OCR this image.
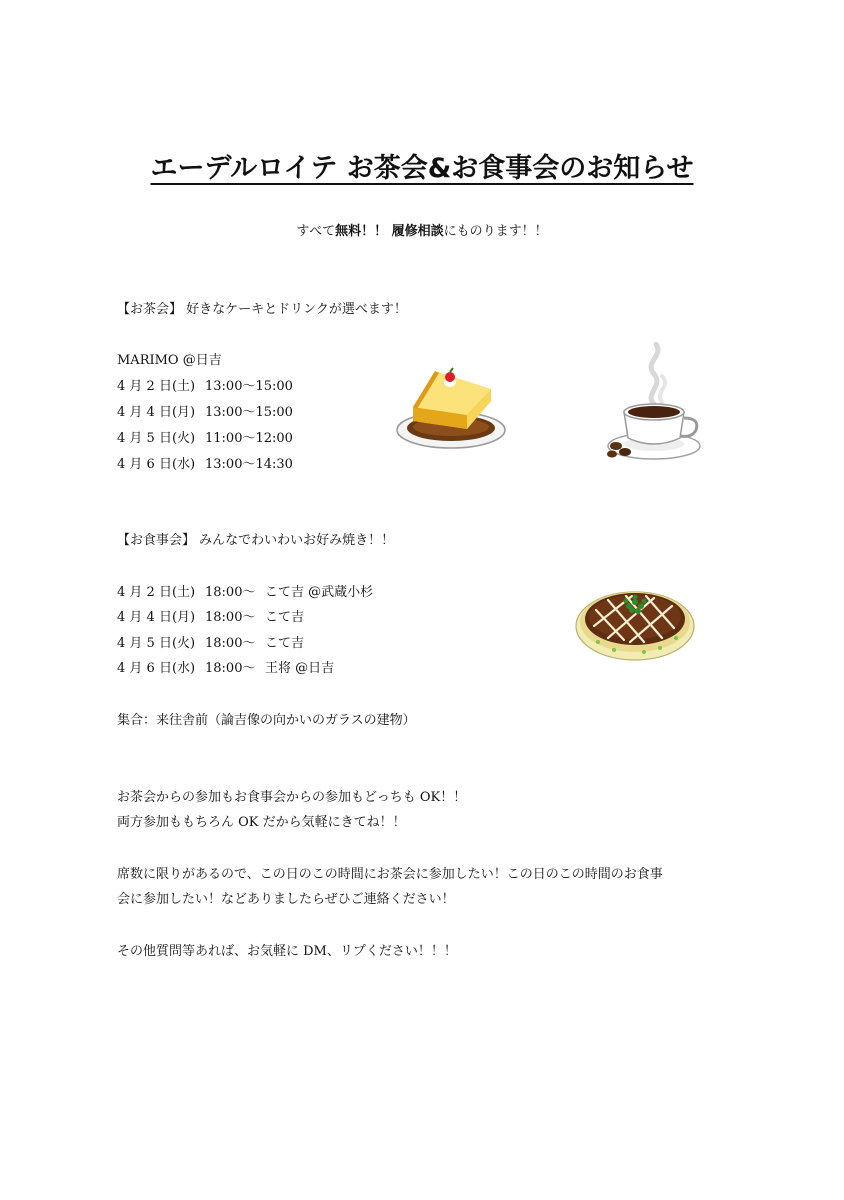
エーデルロイテ お茶会&お食事会のお知らせ
すべて無料！！ 履修相談にものります！！
【お茶会】 好きなケーキとドリンクが選べます！
MARIMO @日吉
4 月 2 日(土) 13:00～15:00
4 月 4 日(月) 13:00～15:00
4 月 5 日(火) 11:00～12:00
4 月 6 日(水) 13:00～14:30
【お食事会】 みんなでわいわいお好み焼き！！
4 月 2 日(土) 18:00～ こて吉 @武蔵小杉
4 月 4 日(月) 18:00～ こて吉
4 月 5 日(火) 18:00～ こて吉
4 月 6 日(水) 18:00～ 王将 @日吉
集合：来往舎前（論吉像の向かいのガラスの建物）
お茶会からの参加もお食事会からの参加もどっちも OK！！
両方参加ももちろん OK だから気軽にきてね！！
席数に限りがあるので、この日のこの時間にお茶会に参加したい！この日のこの時間のお食事
会に参加したい！などありましたらぜひご連絡ください！
その他質問等あれば、お気軽に DM、リプください！！！
